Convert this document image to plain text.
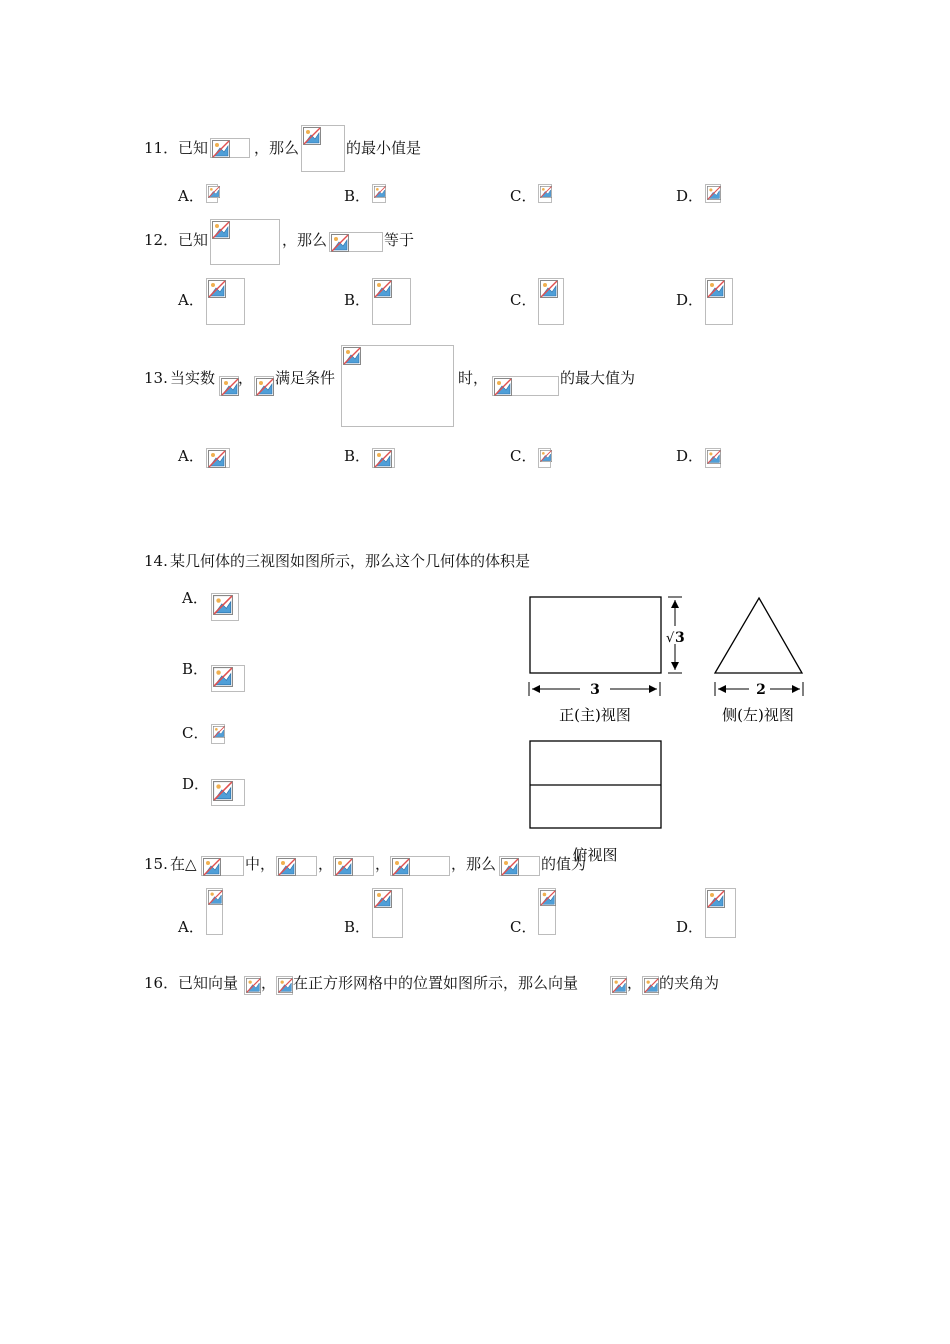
11． 已知	，那么	的最小值是
A．	B．	C．	D．
12． 已知	，那么	等于
A．	B．	C．	D．
13. 当实数 ， 满足条件	时，	的最大值为
A．	B．	C．	D．
14. 某几何体的三视图如图所示，那么这个几何体的体积是
A．
B．
C．
D．
√ 3
3
正(主)视图
2
侧(左)视图
俯视图
15. 在△	中，	，	，	，那么	的值为
A．	B．	C．	D．
16． 已知向量 ， 在正方形网格中的位置如图所示，那么向量	， 的夹角为
